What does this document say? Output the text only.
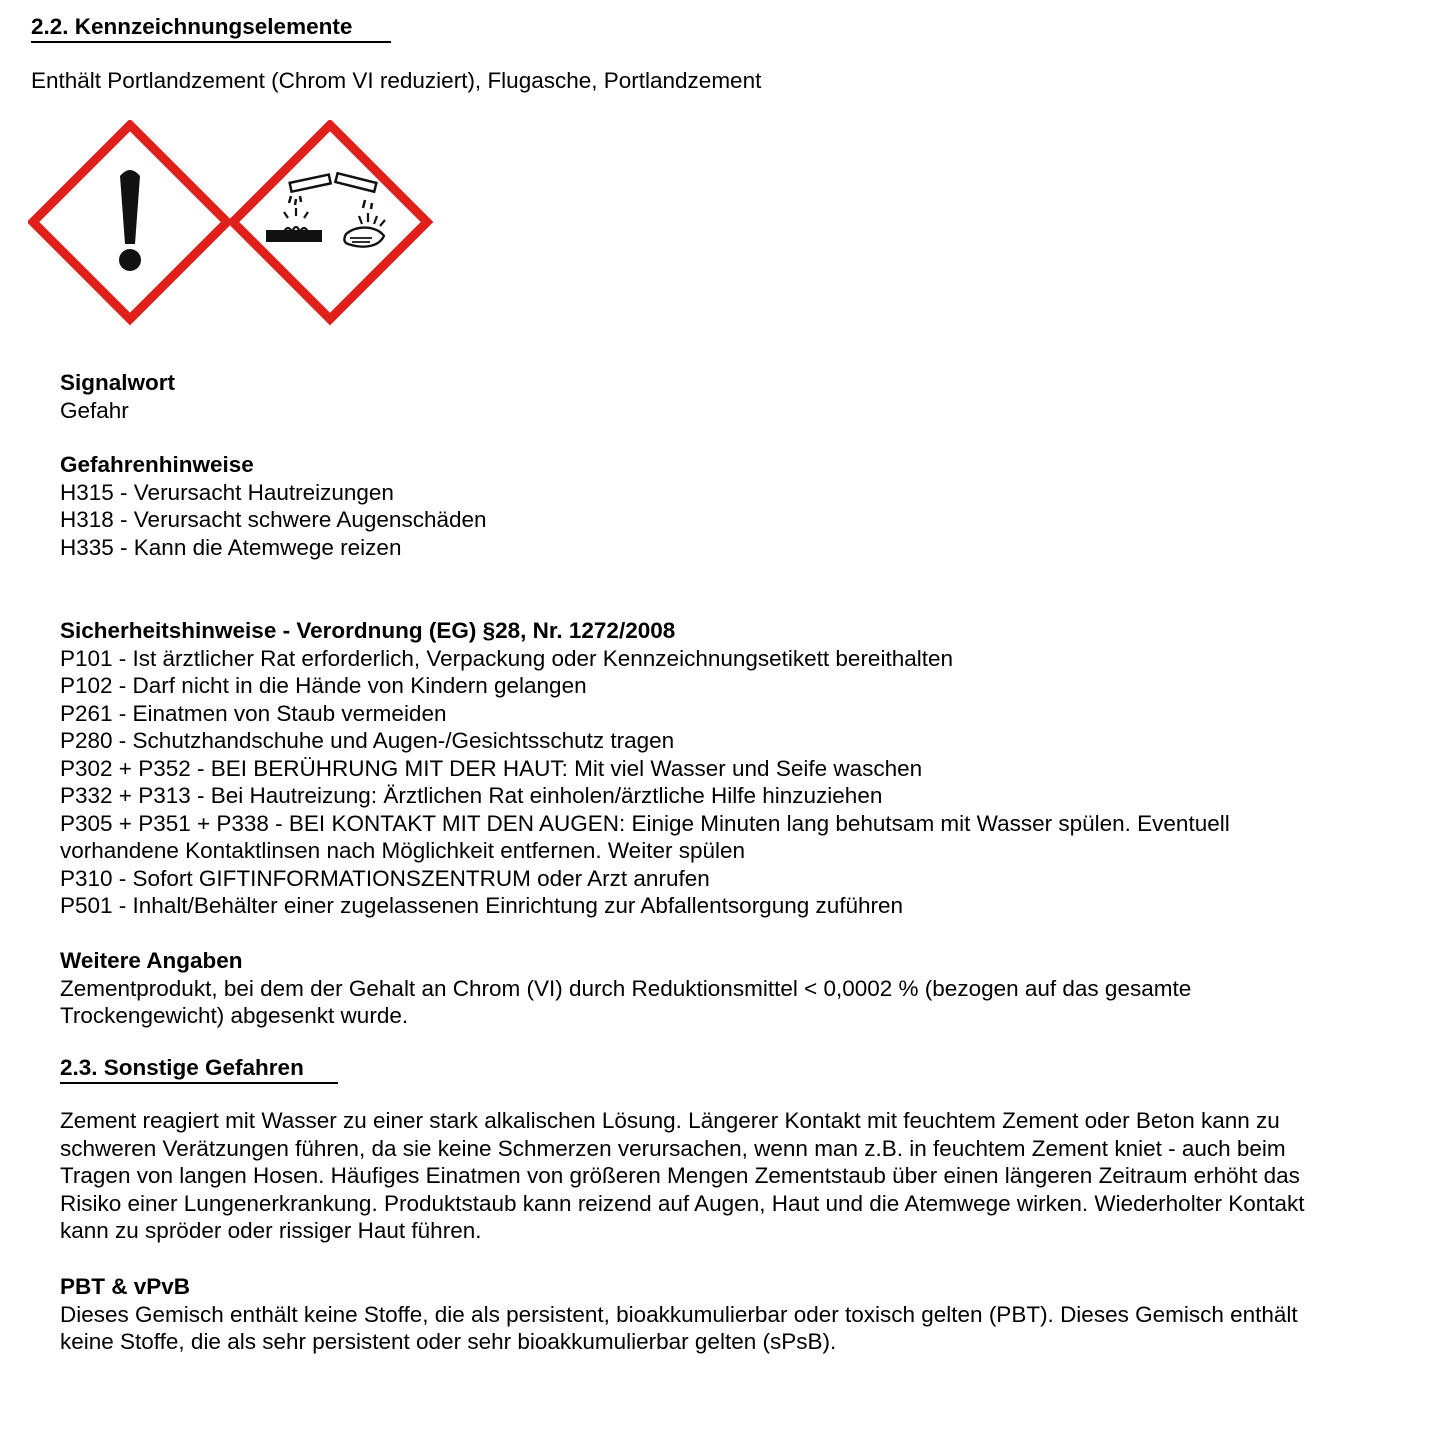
2.2. Kennzeichnungselemente
Enthält Portlandzement (Chrom VI reduziert), Flugasche, Portlandzement
Signalwort
Gefahr
Gefahrenhinweise
H315 - Verursacht Hautreizungen
H318 - Verursacht schwere Augenschäden
H335 - Kann die Atemwege reizen
Sicherheitshinweise - Verordnung (EG) §28, Nr. 1272/2008
P101 - Ist ärztlicher Rat erforderlich, Verpackung oder Kennzeichnungsetikett bereithalten
P102 - Darf nicht in die Hände von Kindern gelangen
P261 - Einatmen von Staub vermeiden
P280 - Schutzhandschuhe und Augen-/Gesichtsschutz tragen
P302 + P352 - BEI BERÜHRUNG MIT DER HAUT: Mit viel Wasser und Seife waschen
P332 + P313 - Bei Hautreizung: Ärztlichen Rat einholen/ärztliche Hilfe hinzuziehen
P305 + P351 + P338 - BEI KONTAKT MIT DEN AUGEN: Einige Minuten lang behutsam mit Wasser spülen. Eventuell
vorhandene Kontaktlinsen nach Möglichkeit entfernen. Weiter spülen
P310 - Sofort GIFTINFORMATIONSZENTRUM oder Arzt anrufen
P501 - Inhalt/Behälter einer zugelassenen Einrichtung zur Abfallentsorgung zuführen
Weitere Angaben
Zementprodukt, bei dem der Gehalt an Chrom (VI) durch Reduktionsmittel < 0,0002 % (bezogen auf das gesamte
Trockengewicht) abgesenkt wurde.
2.3. Sonstige Gefahren
Zement reagiert mit Wasser zu einer stark alkalischen Lösung. Längerer Kontakt mit feuchtem Zement oder Beton kann zu
schweren Verätzungen führen, da sie keine Schmerzen verursachen, wenn man z.B. in feuchtem Zement kniet - auch beim
Tragen von langen Hosen. Häufiges Einatmen von größeren Mengen Zementstaub über einen längeren Zeitraum erhöht das
Risiko einer Lungenerkrankung. Produktstaub kann reizend auf Augen, Haut und die Atemwege wirken. Wiederholter Kontakt
kann zu spröder oder rissiger Haut führen.
PBT & vPvB
Dieses Gemisch enthält keine Stoffe, die als persistent, bioakkumulierbar oder toxisch gelten (PBT). Dieses Gemisch enthält
keine Stoffe, die als sehr persistent oder sehr bioakkumulierbar gelten (sPsB).
